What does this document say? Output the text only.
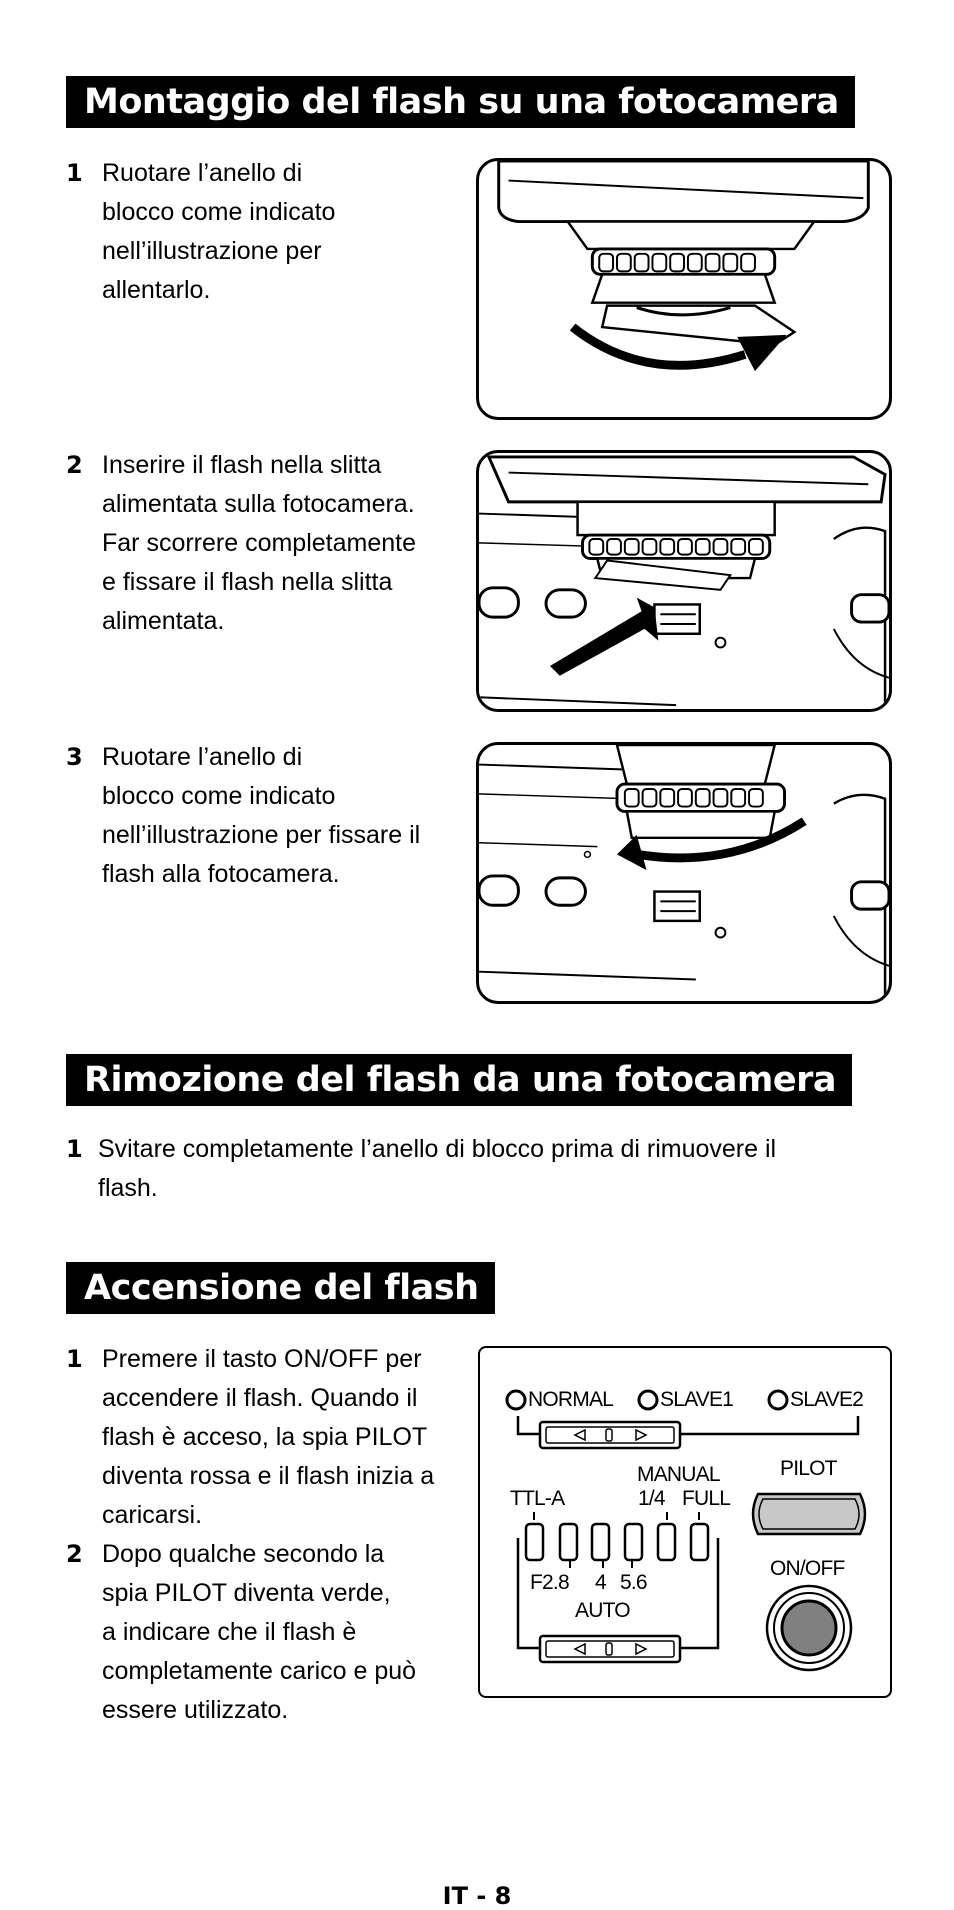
Montaggio del flash su una fotocamera
1 Ruotare l’anello di
blocco come indicato
nell’illustrazione per
allentarlo.
2 Inserire il flash nella slitta
alimentata sulla fotocamera.
Far scorrere completamente
e fissare il flash nella slitta
alimentata.
3 Ruotare l’anello di
blocco come indicato
nell’illustrazione per fissare il
flash alla fotocamera.
Rimozione del flash da una fotocamera
1 Svitare completamente l’anello di blocco prima di rimuovere il
flash.
Accensione del flash
1 Premere il tasto ON/OFF per
accendere il flash. Quando il
flash è acceso, la spia PILOT
diventa rossa e il flash inizia a
caricarsi.
2 Dopo qualche secondo la
spia PILOT diventa verde,
a indicare che il flash è
completamente carico e può
essere utilizzato.
NORMAL SLAVE1	SLAVE2
PILOT
MANUAL
TTL-A	1/4 FULL
F2.8 4 5.6
AUTO
ON/OFF
IT - 8
